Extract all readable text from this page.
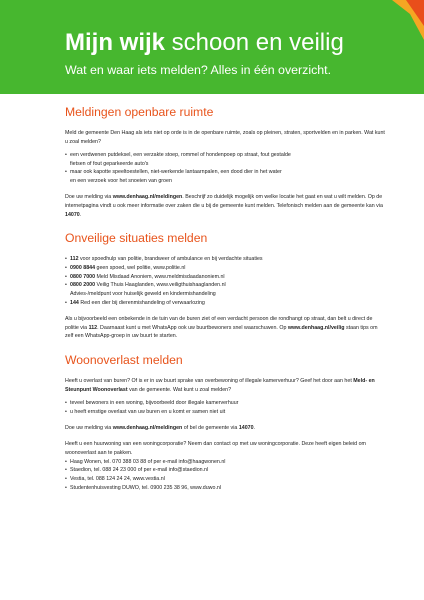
Mijn wijk schoon en veilig
Wat en waar iets melden? Alles in één overzicht.
Meldingen openbare ruimte

Meld de gemeente Den Haag als iets niet op orde is in de openbare ruimte, zoals op pleinen, straten, sportvelden en in parken. Wat kunt u zoal melden?

• een verdwenen putdeksel, een verzakte stoep, rommel of hondenpoep op straat, fout gestalde
fietsen of fout geparkeerde auto's
• maar ook kapotte speeltoestellen, niet-werkende lantaarnpalen, een dood dier in het water
en een verzoek voor het snoeien van groen

Doe uw melding via www.denhaag.nl/meldingen. Beschrijf zo duidelijk mogelijk om welke locatie het gaat en wat u wilt melden. Op de internetpagina vindt u ook meer informatie over zaken die u bij de gemeente kunt melden. Telefonisch melden aan de gemeente kan via 14070.

Onveilige situaties melden
• 112 voor spoedhulp van politie, brandweer of ambulance en bij verdachte situaties
• 0900 8844 geen spoed, wel politie, www.politie.nl
• 0800 7000 Meld Misdaad Anoniem, www.meldmisdaadanoniem.nl
• 0800 2000 Veilig Thuis Haaglanden, www.veiligthuishaaglanden.nl
Advies-/meldpunt voor huiselijk geweld en kindermishandeling
• 144 Red een dier bij dierenmishandeling of verwaarlozing

Als u bijvoorbeeld een onbekende in de tuin van de buren ziet of een verdacht persoon die rondhangt op straat, dan belt u direct de politie via 112. Daarnaast kunt u met WhatsApp ook uw buurtbewoners snel waarschuwen. Op www.denhaag.nl/veilig staan tips om zelf een WhatsApp-groep in uw buurt te starten.

Woonoverlast melden

Heeft u overlast van buren? Of is er in uw buurt sprake van overbewoning of illegale kamerverhuur? Geef het door aan het Meld- en Steunpunt Woonoverlast van de gemeente. Wat kunt u zoal melden?

• teveel bewoners in een woning, bijvoorbeeld door illegale kamerverhuur
• u heeft ernstige overlast van uw buren en u komt er samen niet uit

Doe uw melding via www.denhaag.nl/meldingen of bel de gemeente via 14070.

Heeft u een huurwoning van een woningcorporatie? Neem dan contact op met uw woningcorporatie. Deze heeft eigen beleid om woonoverlast aan te pakken.

• Haag Wonen, tel. 070 388 03 88 of per e-mail info@haagwonen.nl
• Staedion, tel. 088 24 23 000 of per e-mail info@staedion.nl
• Vestia, tel. 088 124 24 24, www.vestia.nl
• Studentenhuisvesting DUWO, tel. 0900 235 38 96, www.duwo.nl
